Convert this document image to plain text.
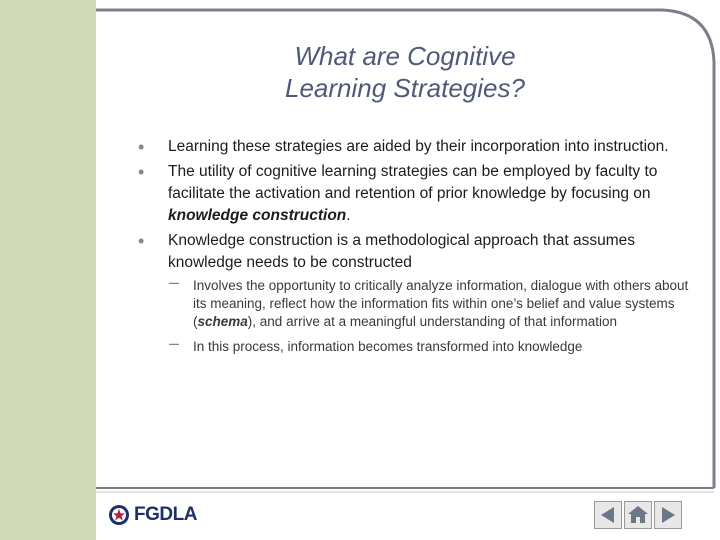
What are Cognitive
Learning Strategies?
• Learning these strategies are aided by their incorporation into instruction.
• The utility of cognitive learning strategies can be employed by faculty to facilitate the activation and retention of prior knowledge by focusing on knowledge construction.
• Knowledge construction is a methodological approach that assumes knowledge needs to be constructed
– Involves the opportunity to critically analyze information, dialogue with others about its meaning, reflect how the information fits within one’s belief and value systems (schema), and arrive at a meaningful understanding of that information
– In this process, information becomes transformed into knowledge
FGDLA
